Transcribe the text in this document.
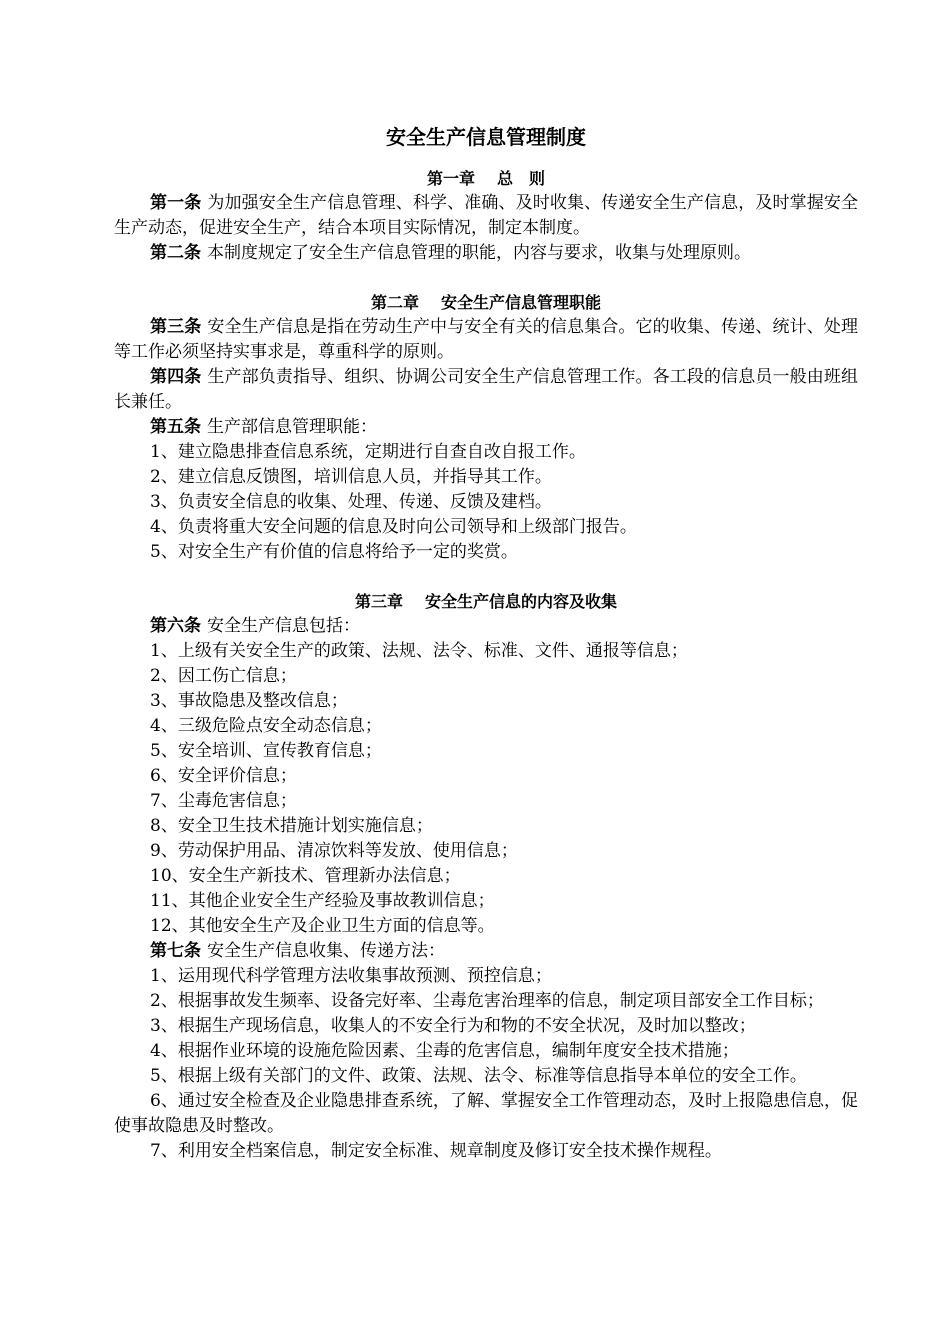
安全生产信息管理制度
第一章 总　则

第一条 为加强安全生产信息管理、科学、准确、及时收集、传递安全生产信息，及时掌握安全生产动态，促进安全生产，结合本项目实际情况，制定本制度。

第二条 本制度规定了安全生产信息管理的职能，内容与要求，收集与处理原则。

第二章 安全生产信息管理职能

第三条 安全生产信息是指在劳动生产中与安全有关的信息集合。它的收集、传递、统计、处理等工作必须坚持实事求是，尊重科学的原则。

第四条 生产部负责指导、组织、协调公司安全生产信息管理工作。各工段的信息员一般由班组长兼任。

第五条 生产部信息管理职能：

1、建立隐患排查信息系统，定期进行自查自改自报工作。

2、建立信息反馈图，培训信息人员，并指导其工作。

3、负责安全信息的收集、处理、传递、反馈及建档。

4、负责将重大安全问题的信息及时向公司领导和上级部门报告。

5、对安全生产有价值的信息将给予一定的奖赏。

第三章 安全生产信息的内容及收集

第六条 安全生产信息包括：

1、上级有关安全生产的政策、法规、法令、标准、文件、通报等信息；

2、因工伤亡信息；

3、事故隐患及整改信息；

4、三级危险点安全动态信息；

5、安全培训、宣传教育信息；

6、安全评价信息；

7、尘毒危害信息；

8、安全卫生技术措施计划实施信息；

9、劳动保护用品、清凉饮料等发放、使用信息；

10、安全生产新技术、管理新办法信息；

11、其他企业安全生产经验及事故教训信息；

12、其他安全生产及企业卫生方面的信息等。

第七条 安全生产信息收集、传递方法：

1、运用现代科学管理方法收集事故预测、预控信息；

2、根据事故发生频率、设备完好率、尘毒危害治理率的信息，制定项目部安全工作目标；

3、根据生产现场信息，收集人的不安全行为和物的不安全状况，及时加以整改；

4、根据作业环境的设施危险因素、尘毒的危害信息，编制年度安全技术措施；

5、根据上级有关部门的文件、政策、法规、法令、标准等信息指导本单位的安全工作。

6、通过安全检查及企业隐患排查系统，了解、掌握安全工作管理动态，及时上报隐患信息，促使事故隐患及时整改。

7、利用安全档案信息，制定安全标准、规章制度及修订安全技术操作规程。
